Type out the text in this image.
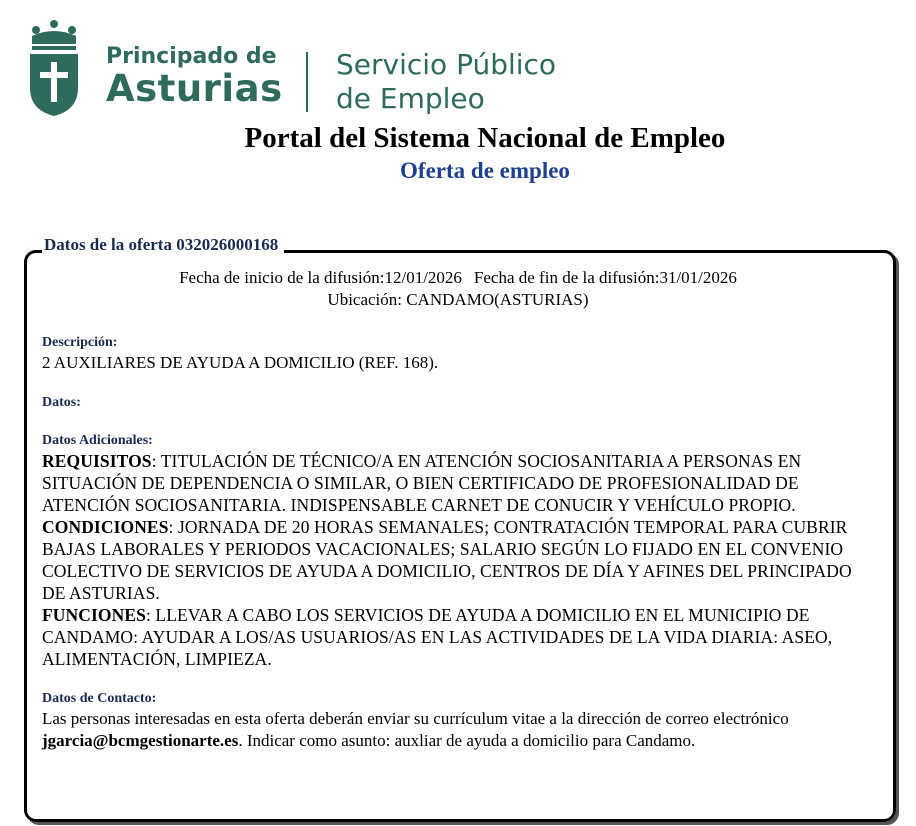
Principado de
Asturias
Servicio Público
de Empleo
Portal del Sistema Nacional de Empleo
Oferta de empleo
Datos de la oferta 032026000168
Fecha de inicio de la difusión:12/01/2026 Fecha de fin de la difusión:31/01/2026
Ubicación: CANDAMO(ASTURIAS)
Descripción:
2 AUXILIARES DE AYUDA A DOMICILIO (REF. 168).
Datos:
Datos Adicionales:
REQUISITOS: TITULACIÓN DE TÉCNICO/A EN ATENCIÓN SOCIOSANITARIA A PERSONAS EN SITUACIÓN DE DEPENDENCIA O SIMILAR, O BIEN CERTIFICADO DE PROFESIONALIDAD DE ATENCIÓN SOCIOSANITARIA. INDISPENSABLE CARNET DE CONUCIR Y VEHÍCULO PROPIO.
CONDICIONES: JORNADA DE 20 HORAS SEMANALES; CONTRATACIÓN TEMPORAL PARA CUBRIR BAJAS LABORALES Y PERIODOS VACACIONALES; SALARIO SEGÚN LO FIJADO EN EL CONVENIO COLECTIVO DE SERVICIOS DE AYUDA A DOMICILIO, CENTROS DE DÍA Y AFINES DEL PRINCIPADO DE ASTURIAS.
FUNCIONES: LLEVAR A CABO LOS SERVICIOS DE AYUDA A DOMICILIO EN EL MUNICIPIO DE CANDAMO: AYUDAR A LOS/AS USUARIOS/AS EN LAS ACTIVIDADES DE LA VIDA DIARIA: ASEO, ALIMENTACIÓN, LIMPIEZA.
Datos de Contacto:
Las personas interesadas en esta oferta deberán enviar su currículum vitae a la dirección de correo electrónico jgarcia@bcmgestionarte.es. Indicar como asunto: auxliar de ayuda a domicilio para Candamo.
